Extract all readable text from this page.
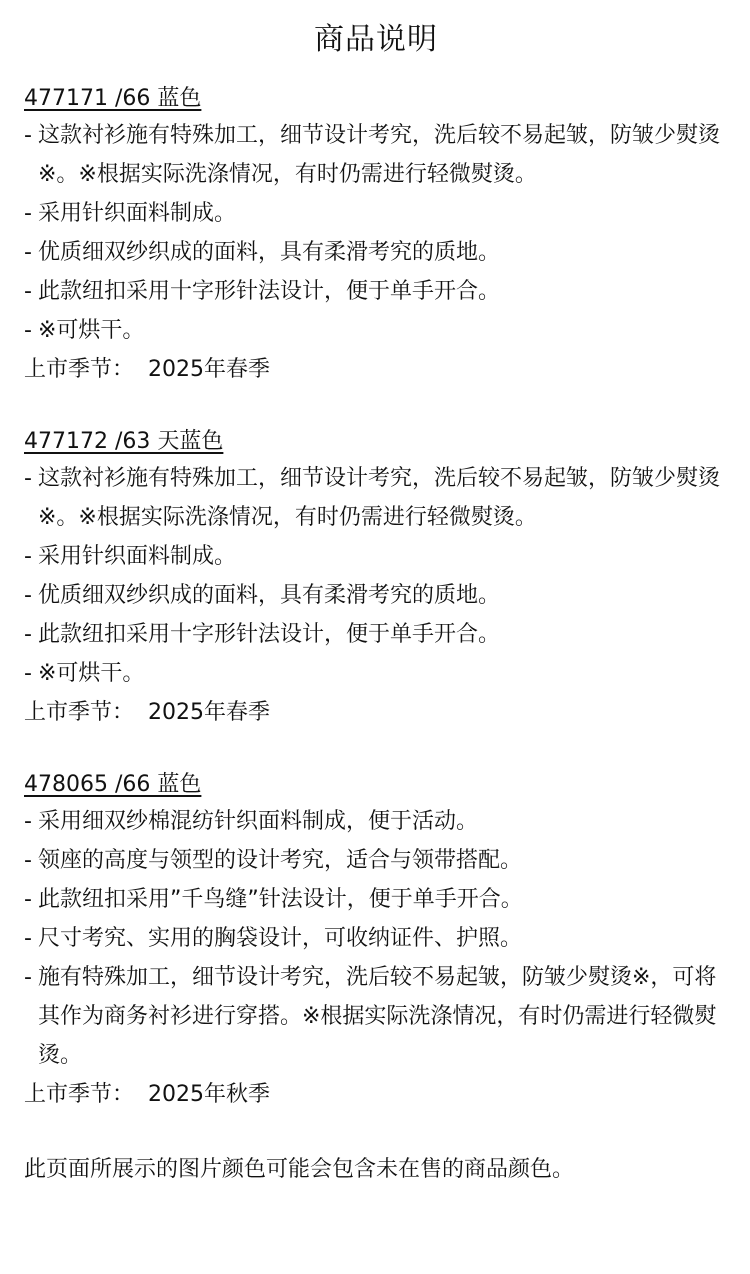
商品说明
477171 /66 蓝色
- 这款衬衫施有特殊加工，细节设计考究，洗后较不易起皱，防皱少熨烫※。※根据实际洗涤情况，有时仍需进行轻微熨烫。
- 采用针织面料制成。
- 优质细双纱织成的面料，具有柔滑考究的质地。
- 此款纽扣采用十字形针法设计，便于单手开合。
- ※可烘干。
上市季节： 2025年春季
477172 /63 天蓝色
- 这款衬衫施有特殊加工，细节设计考究，洗后较不易起皱，防皱少熨烫※。※根据实际洗涤情况，有时仍需进行轻微熨烫。
- 采用针织面料制成。
- 优质细双纱织成的面料，具有柔滑考究的质地。
- 此款纽扣采用十字形针法设计，便于单手开合。
- ※可烘干。
上市季节： 2025年春季
478065 /66 蓝色
- 采用细双纱棉混纺针织面料制成，便于活动。
- 领座的高度与领型的设计考究，适合与领带搭配。
- 此款纽扣采用”千鸟缝”针法设计，便于单手开合。
- 尺寸考究、实用的胸袋设计，可收纳证件、护照。
- 施有特殊加工，细节设计考究，洗后较不易起皱，防皱少熨烫※，可将其作为商务衬衫进行穿搭。※根据实际洗涤情况，有时仍需进行轻微熨烫。
上市季节： 2025年秋季
此页面所展示的图片颜色可能会包含未在售的商品颜色。
